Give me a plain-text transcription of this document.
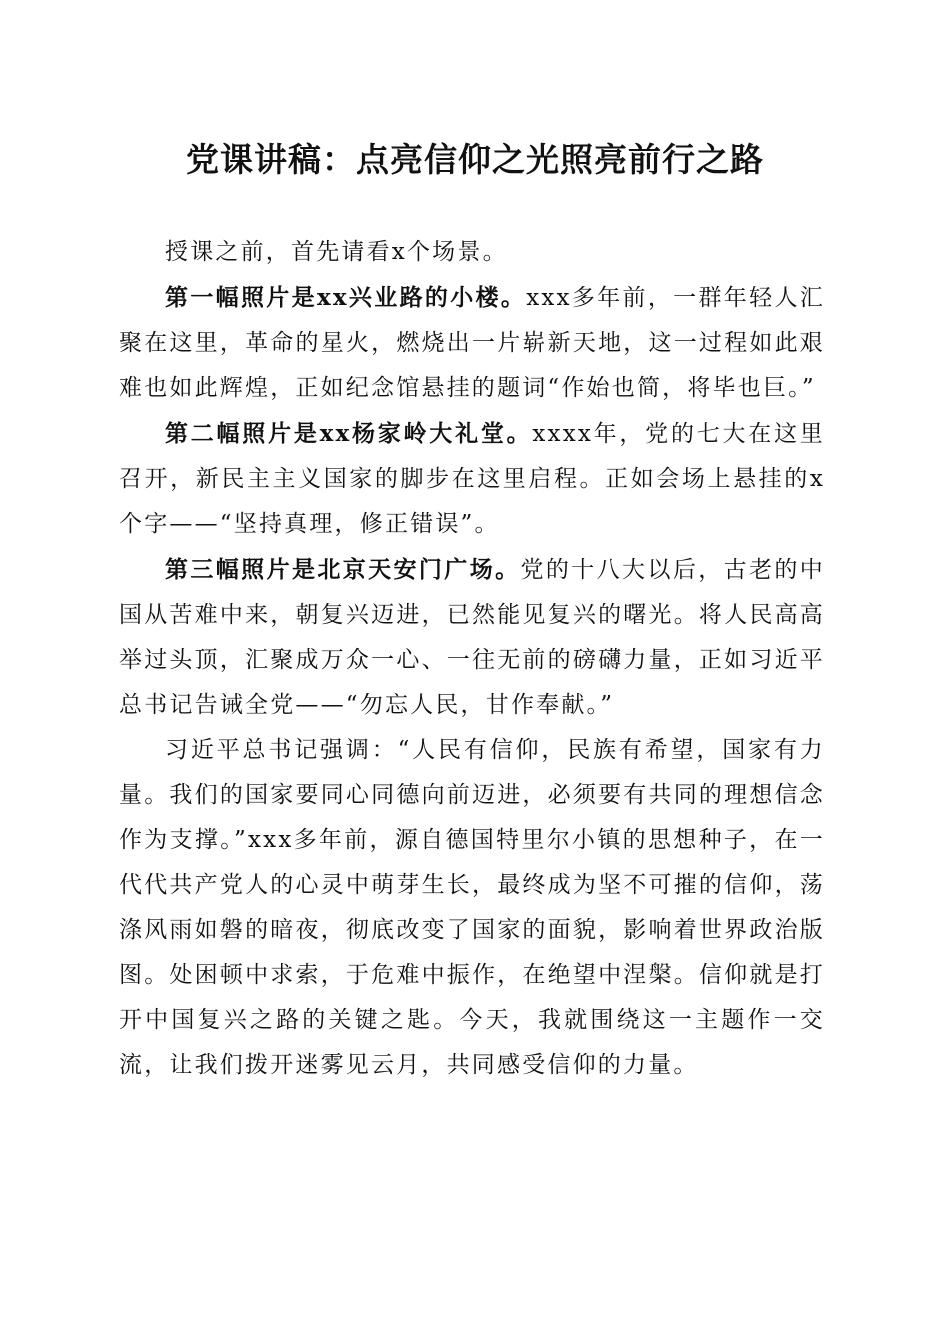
党课讲稿：点亮信仰之光照亮前行之路

授课之前，首先请看x个场景。

第一幅照片是xx兴业路的小楼。xxx多年前，一群年轻人汇聚在这里，革命的星火，燃烧出一片崭新天地，这一过程如此艰难也如此辉煌，正如纪念馆悬挂的题词“作始也简，将毕也巨。”

第二幅照片是xx杨家岭大礼堂。xxxx年，党的七大在这里召开，新民主主义国家的脚步在这里启程。正如会场上悬挂的x个字——“坚持真理，修正错误”。

第三幅照片是北京天安门广场。党的十八大以后，古老的中国从苦难中来，朝复兴迈进，已然能见复兴的曙光。将人民高高举过头顶，汇聚成万众一心、一往无前的磅礴力量，正如习近平总书记告诫全党——“勿忘人民，甘作奉献。”

习近平总书记强调：“人民有信仰，民族有希望，国家有力量。我们的国家要同心同德向前迈进，必须要有共同的理想信念作为支撑。”xxx多年前，源自德国特里尔小镇的思想种子，在一代代共产党人的心灵中萌芽生长，最终成为坚不可摧的信仰，荡涤风雨如磐的暗夜，彻底改变了国家的面貌，影响着世界政治版图。处困顿中求索，于危难中振作，在绝望中涅槃。信仰就是打开中国复兴之路的关键之匙。今天，我就围绕这一主题作一交流，让我们拨开迷雾见云月，共同感受信仰的力量。
